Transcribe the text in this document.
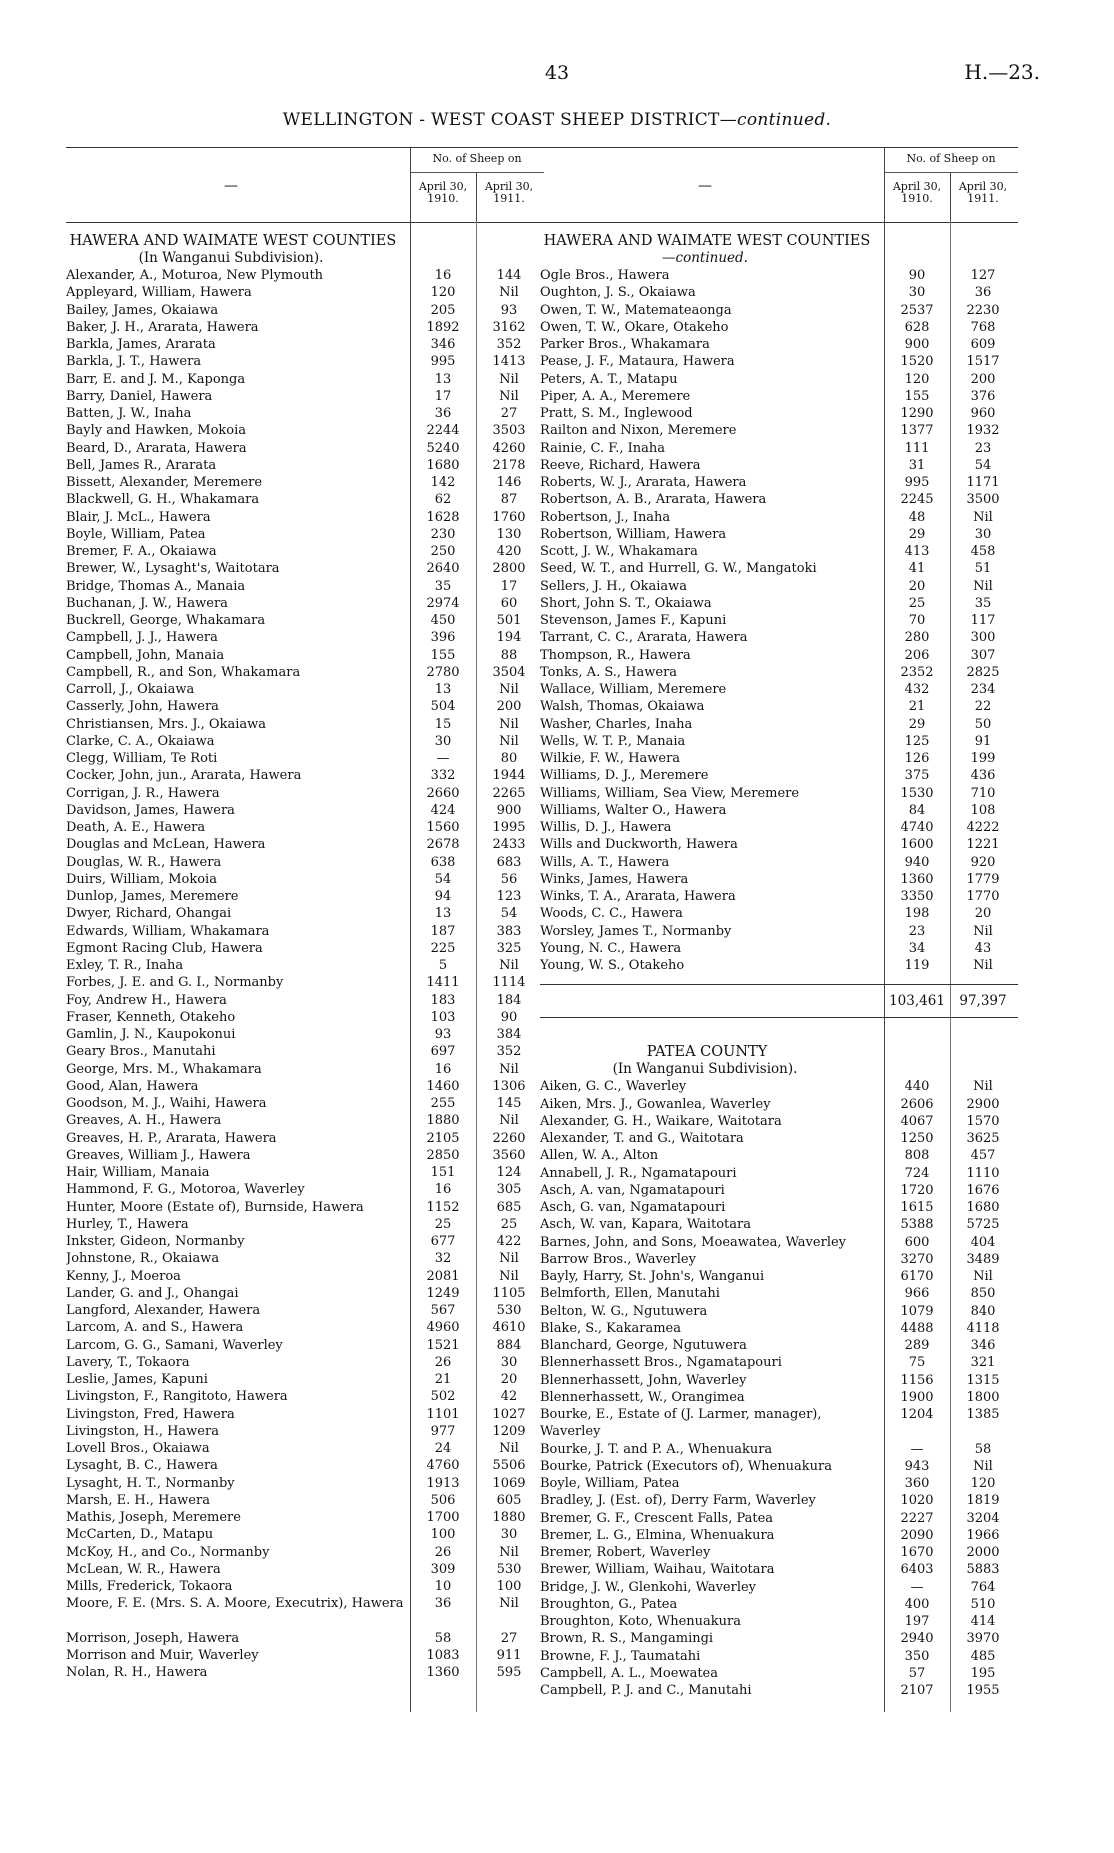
43	H.—23.
WELLINGTON - WEST COAST SHEEP DISTRICT—continued.
—
No. of Sheep on
April 30, 1910.
April 30, 1911.
HAWERA AND WAIMATE WEST COUNTIES
(In Wanganui Subdivision).
Alexander, A., Moturoa, New Plymouth	16	144
Appleyard, William, Hawera	120	Nil
Bailey, James, Okaiawa	205	93
Baker, J. H., Ararata, Hawera	1892	3162
Barkla, James, Ararata	346	352
Barkla, J. T., Hawera	995	1413
Barr, E. and J. M., Kaponga	13	Nil
Barry, Daniel, Hawera	17	Nil
Batten, J. W., Inaha	36	27
Bayly and Hawken, Mokoia	2244	3503
Beard, D., Ararata, Hawera	5240	4260
Bell, James R., Ararata	1680	2178
Bissett, Alexander, Meremere	142	146
Blackwell, G. H., Whakamara	62	87
Blair, J. McL., Hawera	1628	1760
Boyle, William, Patea	230	130
Bremer, F. A., Okaiawa	250	420
Brewer, W., Lysaght's, Waitotara	2640	2800
Bridge, Thomas A., Manaia	35	17
Buchanan, J. W., Hawera	2974	60
Buckrell, George, Whakamara	450	501
Campbell, J. J., Hawera	396	194
Campbell, John, Manaia	155	88
Campbell, R., and Son, Whakamara	2780	3504
Carroll, J., Okaiawa	13	Nil
Casserly, John, Hawera	504	200
Christiansen, Mrs. J., Okaiawa	15	Nil
Clarke, C. A., Okaiawa	30	Nil
Clegg, William, Te Roti	—	80
Cocker, John, jun., Ararata, Hawera	332	1944
Corrigan, J. R., Hawera	2660	2265
Davidson, James, Hawera	424	900
Death, A. E., Hawera	1560	1995
Douglas and McLean, Hawera	2678	2433
Douglas, W. R., Hawera	638	683
Duirs, William, Mokoia	54	56
Dunlop, James, Meremere	94	123
Dwyer, Richard, Ohangai	13	54
Edwards, William, Whakamara	187	383
Egmont Racing Club, Hawera	225	325
Exley, T. R., Inaha	5	Nil
Forbes, J. E. and G. I., Normanby	1411	1114
Foy, Andrew H., Hawera	183	184
Fraser, Kenneth, Otakeho	103	90
Gamlin, J. N., Kaupokonui	93	384
Geary Bros., Manutahi	697	352
George, Mrs. M., Whakamara	16	Nil
Good, Alan, Hawera	1460	1306
Goodson, M. J., Waihi, Hawera	255	145
Greaves, A. H., Hawera	1880	Nil
Greaves, H. P., Ararata, Hawera	2105	2260
Greaves, William J., Hawera	2850	3560
Hair, William, Manaia	151	124
Hammond, F. G., Motoroa, Waverley	16	305
Hunter, Moore (Estate of), Burnside, Hawera	1152	685
Hurley, T., Hawera	25	25
Inkster, Gideon, Normanby	677	422
Johnstone, R., Okaiawa	32	Nil
Kenny, J., Moeroa	2081	Nil
Lander, G. and J., Ohangai	1249	1105
Langford, Alexander, Hawera	567	530
Larcom, A. and S., Hawera	4960	4610
Larcom, G. G., Samani, Waverley	1521	884
Lavery, T., Tokaora	26	30
Leslie, James, Kapuni	21	20
Livingston, F., Rangitoto, Hawera	502	42
Livingston, Fred, Hawera	1101	1027
Livingston, H., Hawera	977	1209
Lovell Bros., Okaiawa	24	Nil
Lysaght, B. C., Hawera	4760	5506
Lysaght, H. T., Normanby	1913	1069
Marsh, E. H., Hawera	506	605
Mathis, Joseph, Meremere	1700	1880
McCarten, D., Matapu	100	30
McKoy, H., and Co., Normanby	26	Nil
McLean, W. R., Hawera	309	530
Mills, Frederick, Tokaora	10	100
Moore, F. E. (Mrs. S. A. Moore, Executrix), Hawera	36	Nil
Morrison, Joseph, Hawera	58	27
Morrison and Muir, Waverley	1083	911
Nolan, R. H., Hawera	1360	595
—
No. of Sheep on
April 30, 1910.
April 30, 1911.
HAWERA AND WAIMATE WEST COUNTIES
—continued.
Ogle Bros., Hawera	90	127
Oughton, J. S., Okaiawa	30	36
Owen, T. W., Matemateaonga	2537	2230
Owen, T. W., Okare, Otakeho	628	768
Parker Bros., Whakamara	900	609
Pease, J. F., Mataura, Hawera	1520	1517
Peters, A. T., Matapu	120	200
Piper, A. A., Meremere	155	376
Pratt, S. M., Inglewood	1290	960
Railton and Nixon, Meremere	1377	1932
Rainie, C. F., Inaha	111	23
Reeve, Richard, Hawera	31	54
Roberts, W. J., Ararata, Hawera	995	1171
Robertson, A. B., Ararata, Hawera	2245	3500
Robertson, J., Inaha	48	Nil
Robertson, William, Hawera	29	30
Scott, J. W., Whakamara	413	458
Seed, W. T., and Hurrell, G. W., Mangatoki	41	51
Sellers, J. H., Okaiawa	20	Nil
Short, John S. T., Okaiawa	25	35
Stevenson, James F., Kapuni	70	117
Tarrant, C. C., Ararata, Hawera	280	300
Thompson, R., Hawera	206	307
Tonks, A. S., Hawera	2352	2825
Wallace, William, Meremere	432	234
Walsh, Thomas, Okaiawa	21	22
Washer, Charles, Inaha	29	50
Wells, W. T. P., Manaia	125	91
Wilkie, F. W., Hawera	126	199
Williams, D. J., Meremere	375	436
Williams, William, Sea View, Meremere	1530	710
Williams, Walter O., Hawera	84	108
Willis, D. J., Hawera	4740	4222
Wills and Duckworth, Hawera	1600	1221
Wills, A. T., Hawera	940	920
Winks, James, Hawera	1360	1779
Winks, T. A., Ararata, Hawera	3350	1770
Woods, C. C., Hawera	198	20
Worsley, James T., Normanby	23	Nil
Young, N. C., Hawera	34	43
Young, W. S., Otakeho	119	Nil
103,461	97,397
PATEA COUNTY
(In Wanganui Subdivision).
Aiken, G. C., Waverley	440	Nil
Aiken, Mrs. J., Gowanlea, Waverley	2606	2900
Alexander, G. H., Waikare, Waitotara	4067	1570
Alexander, T. and G., Waitotara	1250	3625
Allen, W. A., Alton	808	457
Annabell, J. R., Ngamatapouri	724	1110
Asch, A. van, Ngamatapouri	1720	1676
Asch, G. van, Ngamatapouri	1615	1680
Asch, W. van, Kapara, Waitotara	5388	5725
Barnes, John, and Sons, Moeawatea, Waverley	600	404
Barrow Bros., Waverley	3270	3489
Bayly, Harry, St. John's, Wanganui	6170	Nil
Belmforth, Ellen, Manutahi	966	850
Belton, W. G., Ngutuwera	1079	840
Blake, S., Kakaramea	4488	4118
Blanchard, George, Ngutuwera	289	346
Blennerhassett Bros., Ngamatapouri	75	321
Blennerhassett, John, Waverley	1156	1315
Blennerhassett, W., Orangimea	1900	1800
Bourke, E., Estate of (J. Larmer, manager), Waverley
1204	1385
Bourke, J. T. and P. A., Whenuakura	—	58
Bourke, Patrick (Executors of), Whenuakura	943	Nil
Boyle, William, Patea	360	120
Bradley, J. (Est. of), Derry Farm, Waverley	1020	1819
Bremer, G. F., Crescent Falls, Patea	2227	3204
Bremer, L. G., Elmina, Whenuakura	2090	1966
Bremer, Robert, Waverley	1670	2000
Brewer, William, Waihau, Waitotara	6403	5883
Bridge, J. W., Glenkohi, Waverley	—	764
Broughton, G., Patea	400	510
Broughton, Koto, Whenuakura	197	414
Brown, R. S., Mangamingi	2940	3970
Browne, F. J., Taumatahi	350	485
Campbell, A. L., Moewatea	57	195
Campbell, P. J. and C., Manutahi	2107	1955
